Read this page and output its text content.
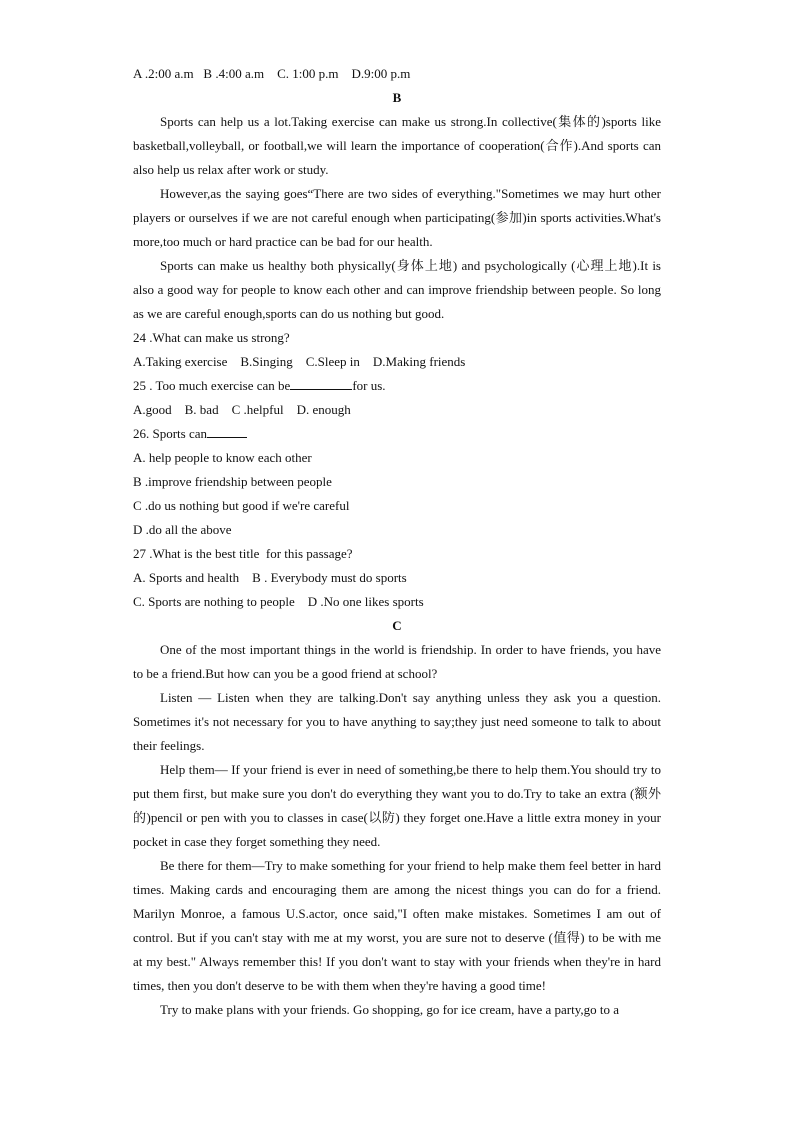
A .2:00 a.m   B .4:00 a.m    C. 1:00 p.m    D.9:00 p.m
B
Sports can help us a lot.Taking exercise can make us strong.In collective(集体的)sports like basketball,volleyball, or football,we will learn the importance of cooperation(合作).And sports can also help us relax after work or study.
However,as the saying goes“There are two sides of everything."Sometimes we may hurt other players or ourselves if we are not careful enough when participating(参加)in sports activities.What's more,too much or hard practice can be bad for our health.
Sports can make us healthy both physically(身体上地) and psychologically (心理上地).It is also a good way for people to know each other and can improve friendship between people. So long as we are careful enough,sports can do us nothing but good.
24 .What can make us strong?
A.Taking exercise    B.Singing    C.Sleep in    D.Making friends
25 . Too much exercise can be	for us.
A.good    B. bad    C .helpful    D. enough
26. Sports can
A. help people to know each other
B .improve friendship between people
C .do us nothing but good if we're careful
D .do all the above
27 .What is the best title  for this passage?
A. Sports and health    B . Everybody must do sports
C. Sports are nothing to people    D .No one likes sports
C
One of the most important things in the world is friendship. In order to have friends, you have to be a friend.But how can you be a good friend at school?
Listen — Listen when they are talking.Don't say anything unless they ask you a question. Sometimes it's not necessary for you to have anything to say;they just need someone to talk to about their feelings.
Help them— If your friend is ever in need of something,be there to help them.You should try to put them first, but make sure you don't do everything they want you to do.Try to take an extra (额外的)pencil or pen with you to classes in case(以防) they forget one.Have a little extra money in your pocket in case they forget something they need.
Be there for them—Try to make something for your friend to help make them feel better in hard times. Making cards and encouraging them are among the nicest things you can do for a friend. Marilyn Monroe, a famous U.S.actor, once said,"I often make mistakes. Sometimes I am out of control. But if you can't stay with me at my worst, you are sure not to deserve (值得) to be with me at my best." Always remember this! If you don't want to stay with your friends when they're in hard times, then you don't deserve to be with them when they're having a good time!
Try to make plans with your friends. Go shopping, go for ice cream, have a party,go to a
